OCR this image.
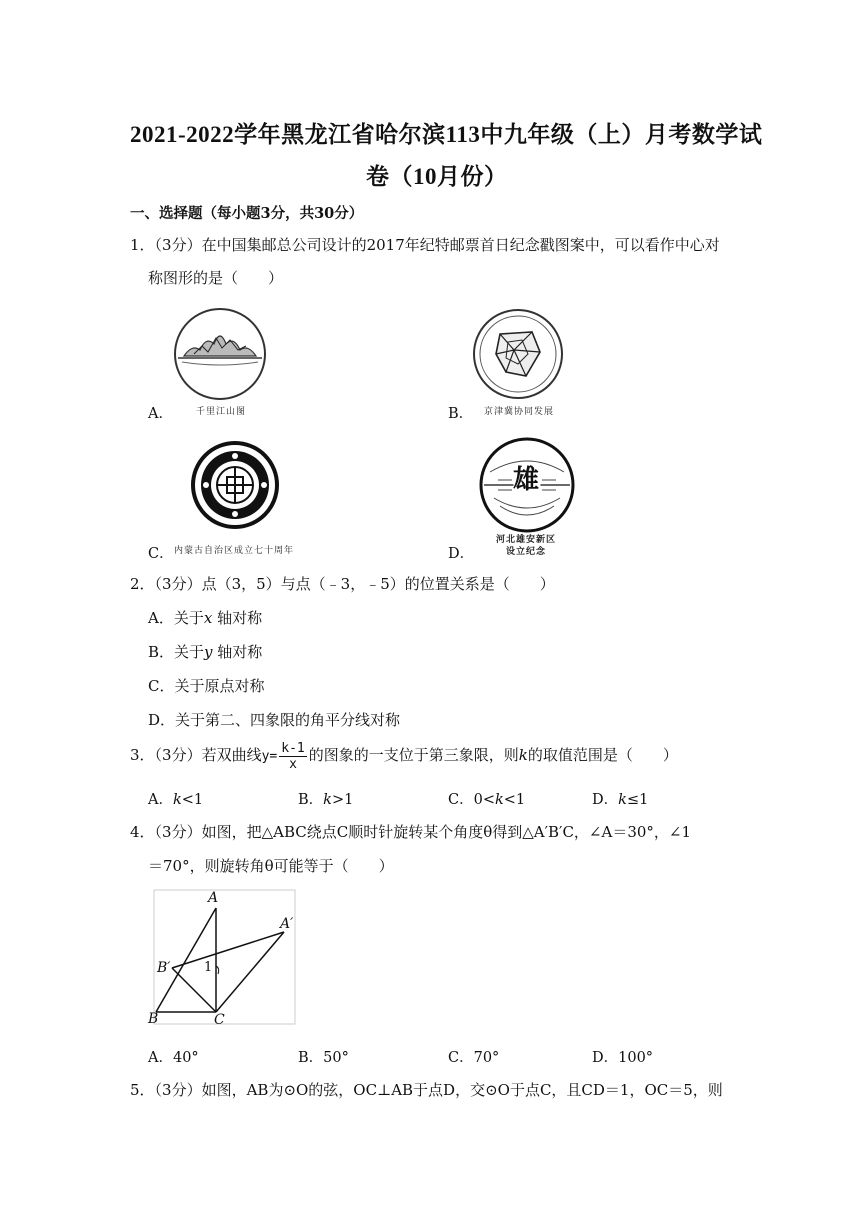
2021-2022学年黑龙江省哈尔滨113中九年级（上）月考数学试
卷（10月份）
一、选择题（每小题3分，共30分）
1．（3分）在中国集邮总公司设计的2017年纪特邮票首日纪念戳图案中，可以看作中心对
称图形的是（　　）
A．	千里江山图	B． 京津冀协同发展
C． 内蒙古自治区成立七十周年
雄
D．
河北雄安新区
设立纪念
2．（3分）点（3，5）与点（﹣3，﹣5）的位置关系是（　　）
A．关于x 轴对称
B．关于y 轴对称
C．关于原点对称
D．关于第二、四象限的角平分线对称
3．（3分）若双曲线$y= \frac{k-1}{x}$ 的图象的一支位于第三象限，则k的取值范围是（　　）
A．k<1	B．k>1	C．0<k<1	D．k≤1
4．（3分）如图，把△ABC绕点C顺时针旋转某个角度θ得到△A′B′C，∠A＝30°，∠1
＝70°，则旋转角θ可能等于（　　）
A
A′
B′	1
B	C
A．40°	B．50°	C．70°	D．100°
5．（3分）如图，AB为⊙O的弦，OC⊥AB于点D，交⊙O于点C，且CD＝1，OC＝5，则
